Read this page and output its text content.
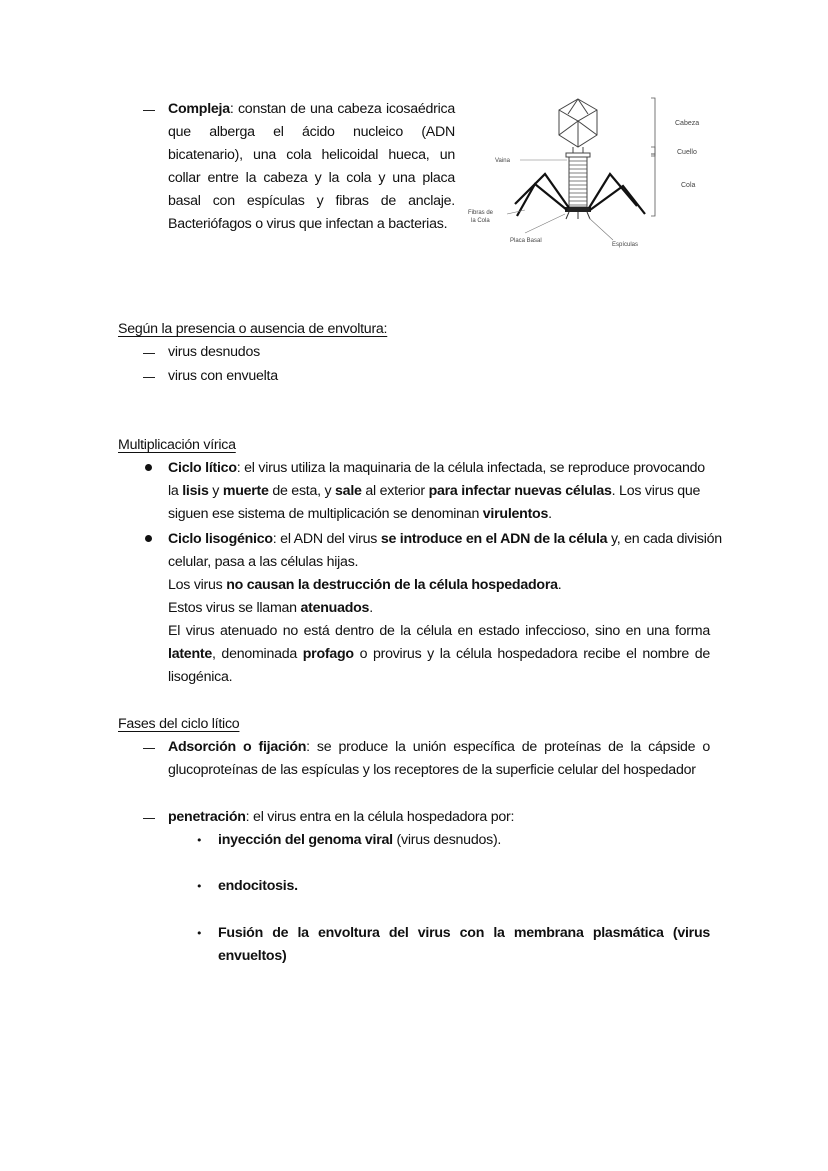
Compleja: constan de una cabeza icosaédrica
que alberga el ácido nucleico (ADN
bicatenario), una cola helicoidal hueca, un
collar entre la cabeza y la cola y una placa
basal con espículas y fibras de anclaje.
Bacteriófagos o virus que infectan a bacterias.
Cabeza
Cuello
Cola
Vaina
Fibras de
la Cola
Placa Basal
Espículas
Según la presencia o ausencia de envoltura:
virus desnudos
virus con envuelta
Multiplicación vírica
Ciclo lítico: el virus utiliza la maquinaria de la célula infectada, se reproduce provocando
la lisis y muerte de esta, y sale al exterior para infectar nuevas células. Los virus que
siguen ese sistema de multiplicación se denominan virulentos.
Ciclo lisogénico: el ADN del virus se introduce en el ADN de la célula y, en cada división
celular, pasa a las células hijas.
Los virus no causan la destrucción de la célula hospedadora.
Estos virus se llaman atenuados.
El virus atenuado no está dentro de la célula en estado infeccioso, sino en una forma
latente, denominada profago o provirus y la célula hospedadora recibe el nombre de
lisogénica.
Fases del ciclo lítico
Adsorción o fijación: se produce la unión específica de proteínas de la cápside o
glucoproteínas de las espículas y los receptores de la superficie celular del hospedador
penetración: el virus entra en la célula hospedadora por:
• inyección del genoma viral (virus desnudos).
• endocitosis.
• Fusión de la envoltura del virus con la membrana plasmática (virus
envueltos)
